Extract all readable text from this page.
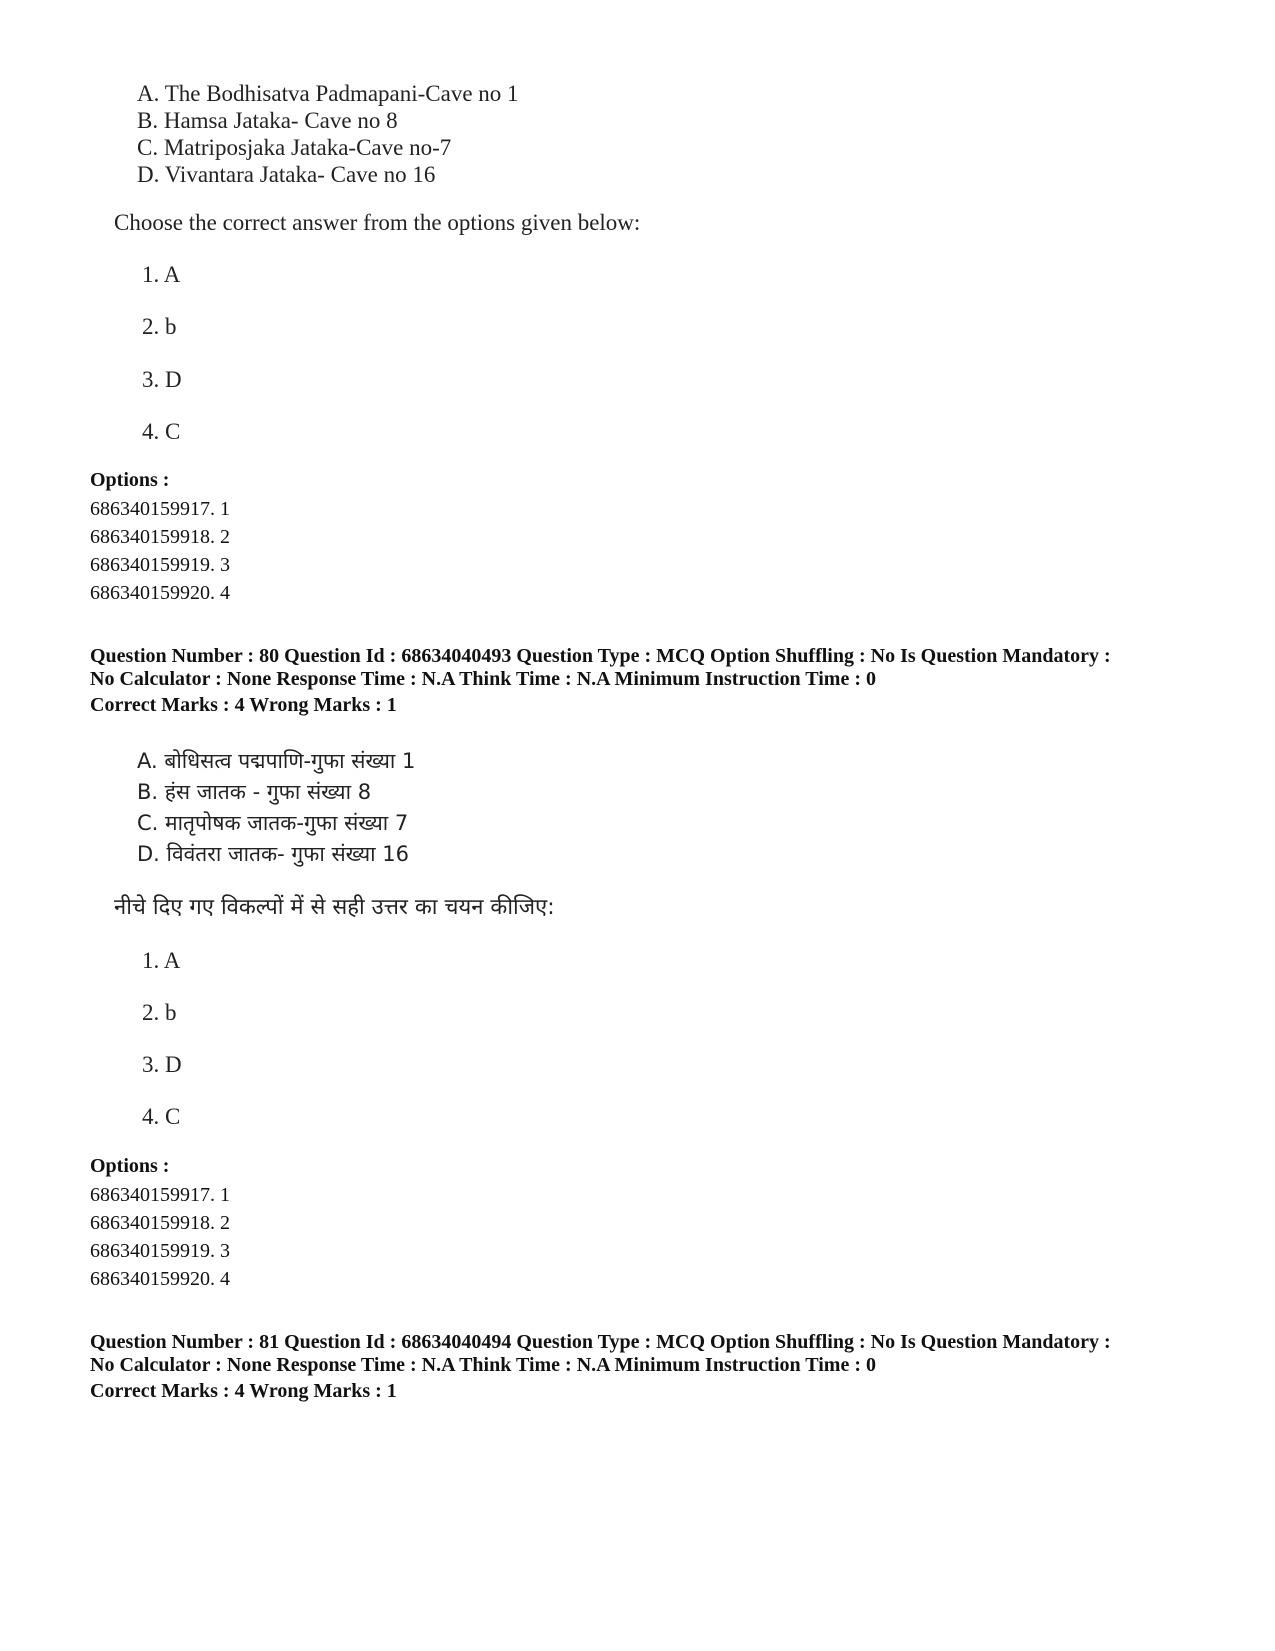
A. The Bodhisatva Padmapani-Cave no 1
B. Hamsa Jataka- Cave no 8
C. Matriposjaka Jataka-Cave no-7
D. Vivantara Jataka- Cave no 16
Choose the correct answer from the options given below:
1. A
2. b
3. D
4. C
Options :
686340159917. 1
686340159918. 2
686340159919. 3
686340159920. 4
Question Number : 80 Question Id : 68634040493 Question Type : MCQ Option Shuffling : No Is Question Mandatory :
No Calculator : None Response Time : N.A Think Time : N.A Minimum Instruction Time : 0
Correct Marks : 4 Wrong Marks : 1
A. बोधिसत्व पद्मपाणि-गुफा संख्या 1
B. हंस जातक - गुफा संख्या 8
C. मातृपोषक जातक-गुफा संख्या 7
D. विवंतरा जातक- गुफा संख्या 16
नीचे दिए गए विकल्पों में से सही उत्तर का चयन कीजिए:
1. A
2. b
3. D
4. C
Options :
686340159917. 1
686340159918. 2
686340159919. 3
686340159920. 4
Question Number : 81 Question Id : 68634040494 Question Type : MCQ Option Shuffling : No Is Question Mandatory :
No Calculator : None Response Time : N.A Think Time : N.A Minimum Instruction Time : 0
Correct Marks : 4 Wrong Marks : 1
